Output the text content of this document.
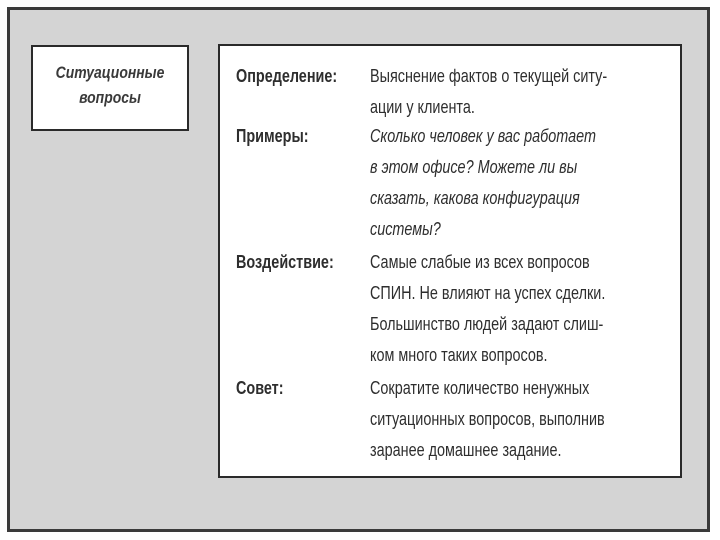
Ситуационные
вопросы
Определение: Выяснение фактов о текущей ситу-
ации у клиента.
Примеры:	Сколько человек у вас работает
в этом офисе? Можете ли вы
сказать, какова конфигурация
системы?
Воздействие: Самые слабые из всех вопросов
СПИН. Не влияют на успех сделки.
Большинство людей задают слиш-
ком много таких вопросов.
Совет:	Сократите количество ненужных
ситуационных вопросов, выполнив
заранее домашнее задание.
